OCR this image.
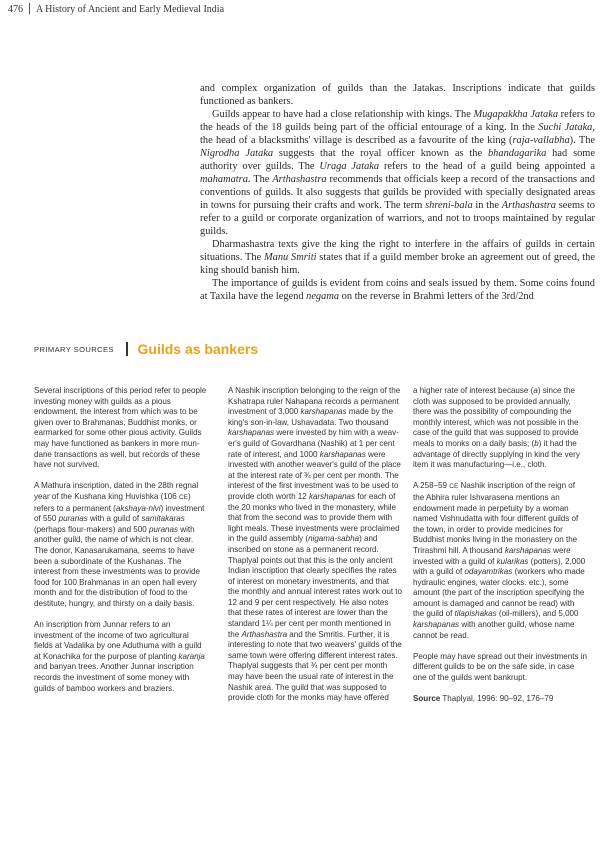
476 A History of Ancient and Early Medieval India

and complex organization of guilds than the Jatakas. Inscriptions indicate that guilds functioned as bankers.

Guilds appear to have had a close relationship with kings. The Mugapakkha Jataka refers to the heads of the 18 guilds being part of the official entourage of a king. In the Suchi Jataka, the head of a blacksmiths' village is described as a favourite of the king (raja-vallabha). The Nigrodha Jataka suggests that the royal officer known as the bhandagarika had some authority over guilds. The Uraga Jataka refers to the head of a guild being appointed a mahamatra. The Arthashastra recommends that officials keep a record of the transactions and conventions of guilds. It also suggests that guilds be provided with specially designated areas in towns for pursuing their crafts and work. The term shreni-bala in the Arthashastra seems to refer to a guild or corporate organization of warriors, and not to troops maintained by regular guilds.

Dharmashastra texts give the king the right to interfere in the affairs of guilds in certain situations. The Manu Smriti states that if a guild member broke an agreement out of greed, the king should banish him.

The importance of guilds is evident from coins and seals issued by them. Some coins found at Taxila have the legend negama on the reverse in Brahmi letters of the 3rd/2nd

PRIMARY SOURCES Guilds as bankers

Several inscriptions of this period refer to people investing money with guilds as a pious endowment, the interest from which was to be given over to Brahmanas, Buddhist monks, or earmarked for some other pious activity. Guilds may have functioned as bankers in more mundane transactions as well, but records of these have not survived.

A Mathura inscription, dated in the 28th regnal year of the Kushana king Huvishka (106 CE) refers to a permanent (akshaya-nivi) investment of 550 puranas with a guild of samitakaras (perhaps flour-makers) and 500 puranas with another guild, the name of which is not clear. The donor, Kanasarukamana, seems to have been a subordinate of the Kushanas. The interest from these investments was to provide food for 100 Brahmanas in an open hall every month and for the distribution of food to the destitute, hungry, and thirsty on a daily basis.

An inscription from Junnar refers to an investment of the income of two agricultural fields at Vadalika by one Aduthuma with a guild at Konachika for the purpose of planting karanja and banyan trees. Another Junnar inscription records the investment of some money with guilds of bamboo workers and braziers.

A Nashik inscription belonging to the reign of the Kshatrapa ruler Nahapana records a permanent investment of 3,000 karshapanas made by the king's son-in-law, Ushavadata. Two thousand karshapanas were invested by him with a weaver's guild of Govardhana (Nashik) at 1 per cent rate of interest, and 1000 karshapanas were invested with another weaver's guild of the place at the interest rate of ¾ per cent per month. The interest of the first investment was to be used to provide cloth worth 12 karshapanas for each of the 20 monks who lived in the monastery, while that from the second was to provide them with light meals. These investments were proclaimed in the guild assembly (nigama-sabha) and inscribed on stone as a permanent record. Thaplyal points out that this is the only ancient Indian inscription that clearly specifies the rates of interest on monetary investments, and that the monthly and annual interest rates work out to 12 and 9 per cent respectively. He also notes that these rates of interest are lower than the standard 1¼ per cent per month mentioned in the Arthashastra and the Smritis. Further, it is interesting to note that two weavers' guilds of the same town were offering different interest rates. Thaplyal suggests that ¾ per cent per month may have been the usual rate of interest in the Nashik area. The guild that was supposed to provide cloth for the monks may have offered

a higher rate of interest because (a) since the cloth was supposed to be provided annually, there was the possibility of compounding the monthly interest, which was not possible in the case of the guild that was supposed to provide meals to monks on a daily basis; (b) it had the advantage of directly supplying in kind the very item it was manufacturing—i.e., cloth.

A 258–59 CE Nashik inscription of the reign of the Abhira ruler Ishvarasena mentions an endowment made in perpetuity by a woman named Vishnudatta with four different guilds of the town, in order to provide medicines for Buddhist monks living in the monastery on the Trirashmi hill. A thousand karshapanas were invested with a guild of kularikas (potters), 2,000 with a guild of odayamtrikas (workers who made hydraulic engines, water clocks. etc.), some amount (the part of the inscription specifying the amount is damaged and cannot be read) with the guild of tilapishakas (oil-millers), and 5,000 karshapanas with another guild, whose name cannot be read.

People may have spread out their investments in different guilds to be on the safe side, in case one of the guilds went bankrupt.

Source Thaplyal, 1996: 90–92, 176–79
